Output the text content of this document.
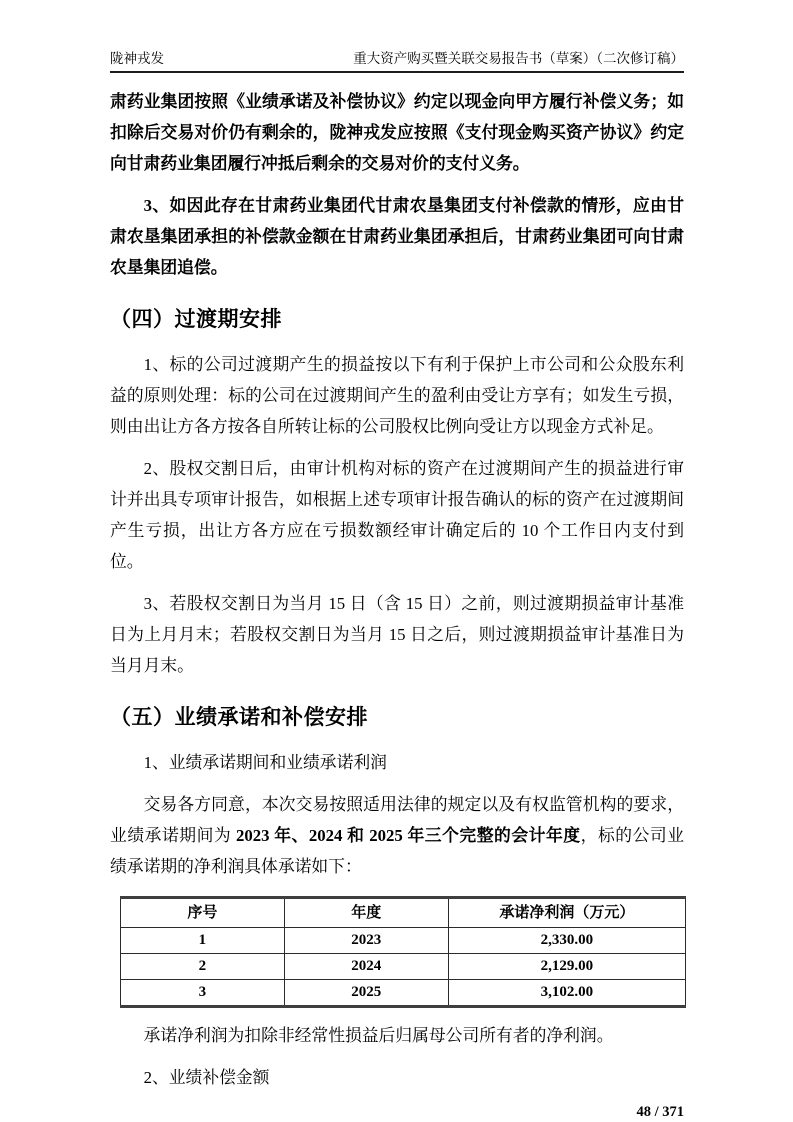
陇神戎发	重大资产购买暨关联交易报告书（草案）（二次修订稿）

肃药业集团按照《业绩承诺及补偿协议》约定以现金向甲方履行补偿义务；如扣除后交易对价仍有剩余的，陇神戎发应按照《支付现金购买资产协议》约定向甘肃药业集团履行冲抵后剩余的交易对价的支付义务。

3、如因此存在甘肃药业集团代甘肃农垦集团支付补偿款的情形，应由甘肃农垦集团承担的补偿款金额在甘肃药业集团承担后，甘肃药业集团可向甘肃农垦集团追偿。

（四）过渡期安排

1、标的公司过渡期产生的损益按以下有利于保护上市公司和公众股东利益的原则处理：标的公司在过渡期间产生的盈利由受让方享有；如发生亏损，则由出让方各方按各自所转让标的公司股权比例向受让方以现金方式补足。

2、股权交割日后，由审计机构对标的资产在过渡期间产生的损益进行审计并出具专项审计报告，如根据上述专项审计报告确认的标的资产在过渡期间产生亏损，出让方各方应在亏损数额经审计确定后的 10 个工作日内支付到位。

3、若股权交割日为当月 15 日（含 15 日）之前，则过渡期损益审计基准日为上月月末；若股权交割日为当月 15 日之后，则过渡期损益审计基准日为当月月末。

（五）业绩承诺和补偿安排

1、业绩承诺期间和业绩承诺利润

交易各方同意，本次交易按照适用法律的规定以及有权监管机构的要求，业绩承诺期间为 2023 年、2024 和 2025 年三个完整的会计年度，标的公司业绩承诺期的净利润具体承诺如下：

序号	年度	承诺净利润（万元）
1	2023	2,330.00
2	2024	2,129.00
3	2025	3,102.00

承诺净利润为扣除非经常性损益后归属母公司所有者的净利润。

2、业绩补偿金额

48 / 371
